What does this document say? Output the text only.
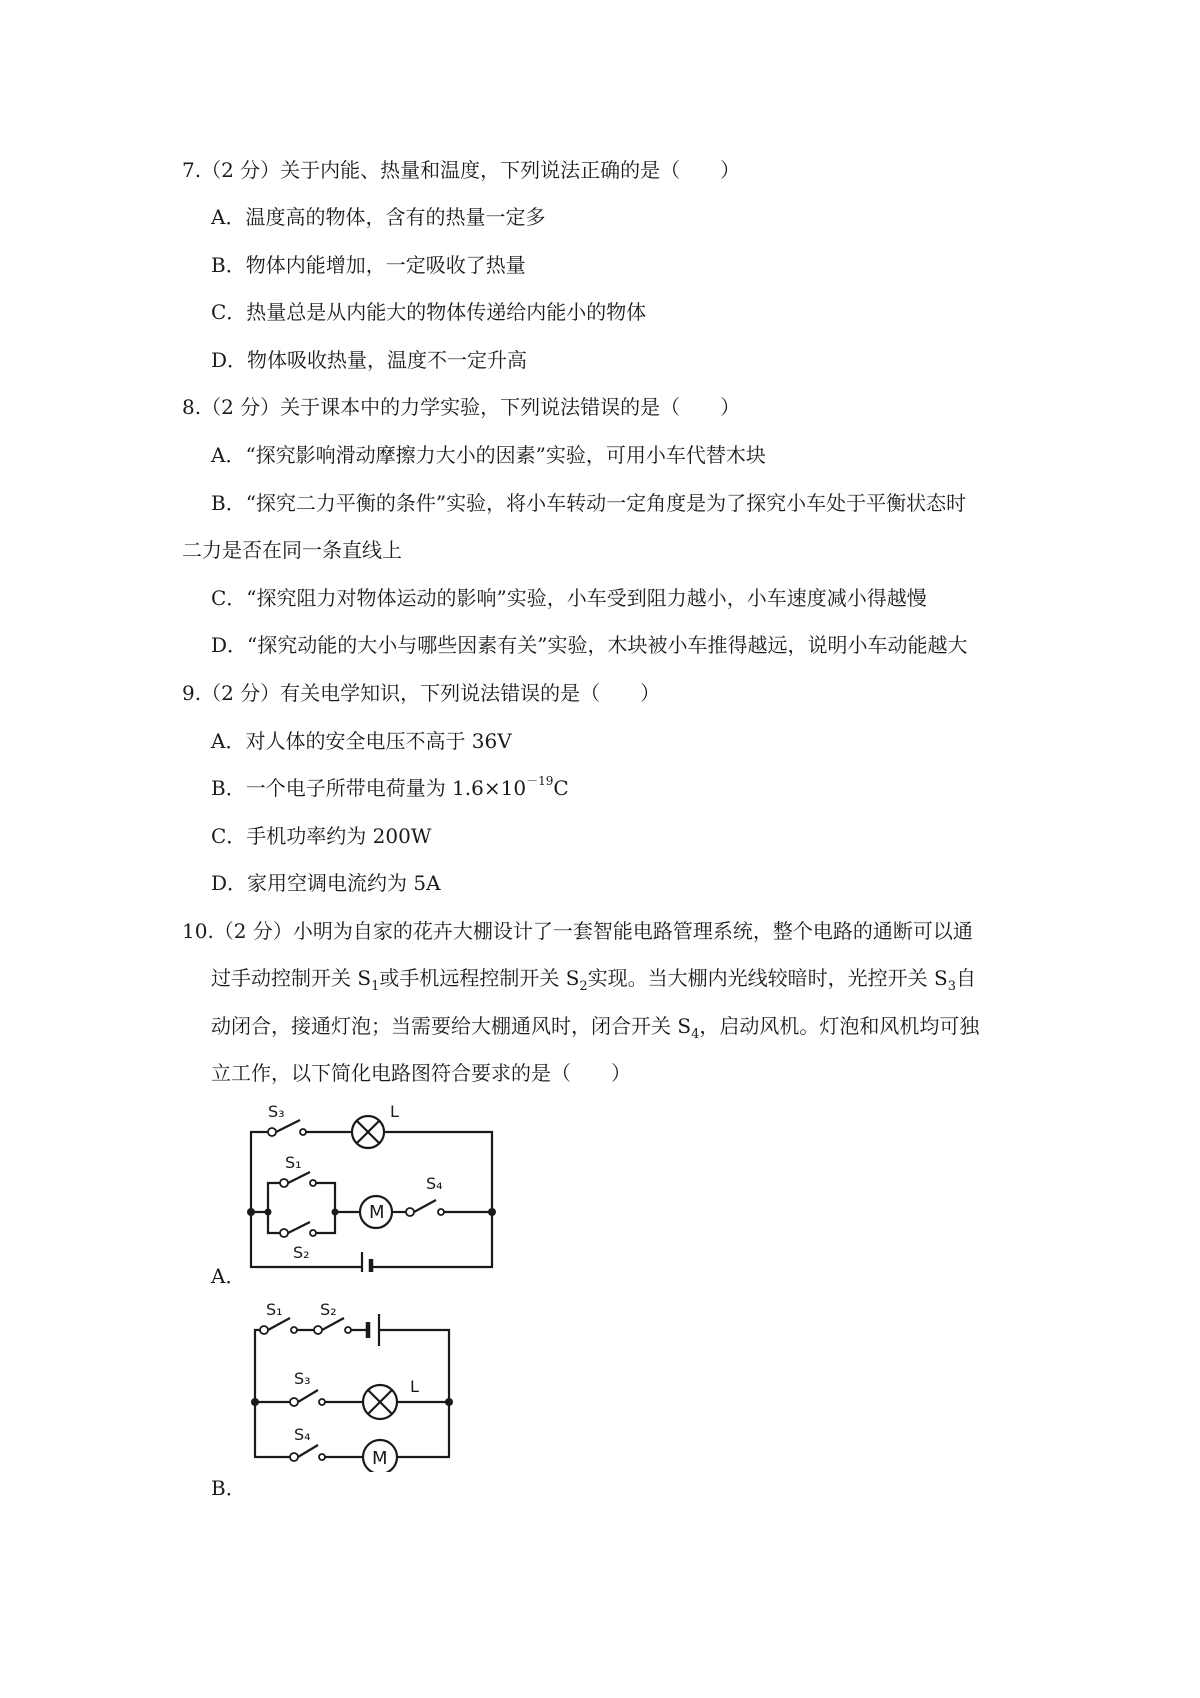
7.（2 分）关于内能、热量和温度，下列说法正确的是（　　）
A．温度高的物体，含有的热量一定多
B．物体内能增加，一定吸收了热量
C．热量总是从内能大的物体传递给内能小的物体
D．物体吸收热量，温度不一定升高
8.（2 分）关于课本中的力学实验，下列说法错误的是（　　）
A．“探究影响滑动摩擦力大小的因素”实验，可用小车代替木块
B．“探究二力平衡的条件”实验，将小车转动一定角度是为了探究小车处于平衡状态时
二力是否在同一条直线上
C．“探究阻力对物体运动的影响”实验，小车受到阻力越小，小车速度减小得越慢
D．“探究动能的大小与哪些因素有关”实验，木块被小车推得越远，说明小车动能越大
9.（2 分）有关电学知识，下列说法错误的是（　　）
A．对人体的安全电压不高于 36V
B．一个电子所带电荷量为 $1.6\times 10^{-19}C$
C．手机功率约为 200W
D．家用空调电流约为 5A
10.（2 分）小明为自家的花卉大棚设计了一套智能电路管理系统，整个电路的通断可以通
过手动控制开关 $S_1$或手机远程控制开关 $S_2$实现。当大棚内光线较暗时，光控开关 $S_3$自
动闭合，接通灯泡；当需要给大棚通风时，闭合开关 $S_4$，启动风机。灯泡和风机均可独
立工作，以下简化电路图符合要求的是（　　）
S₃	L
S₁
S₂
M
S₄
A．
S₁ S₂
S₃	L
S₄
M
B．
